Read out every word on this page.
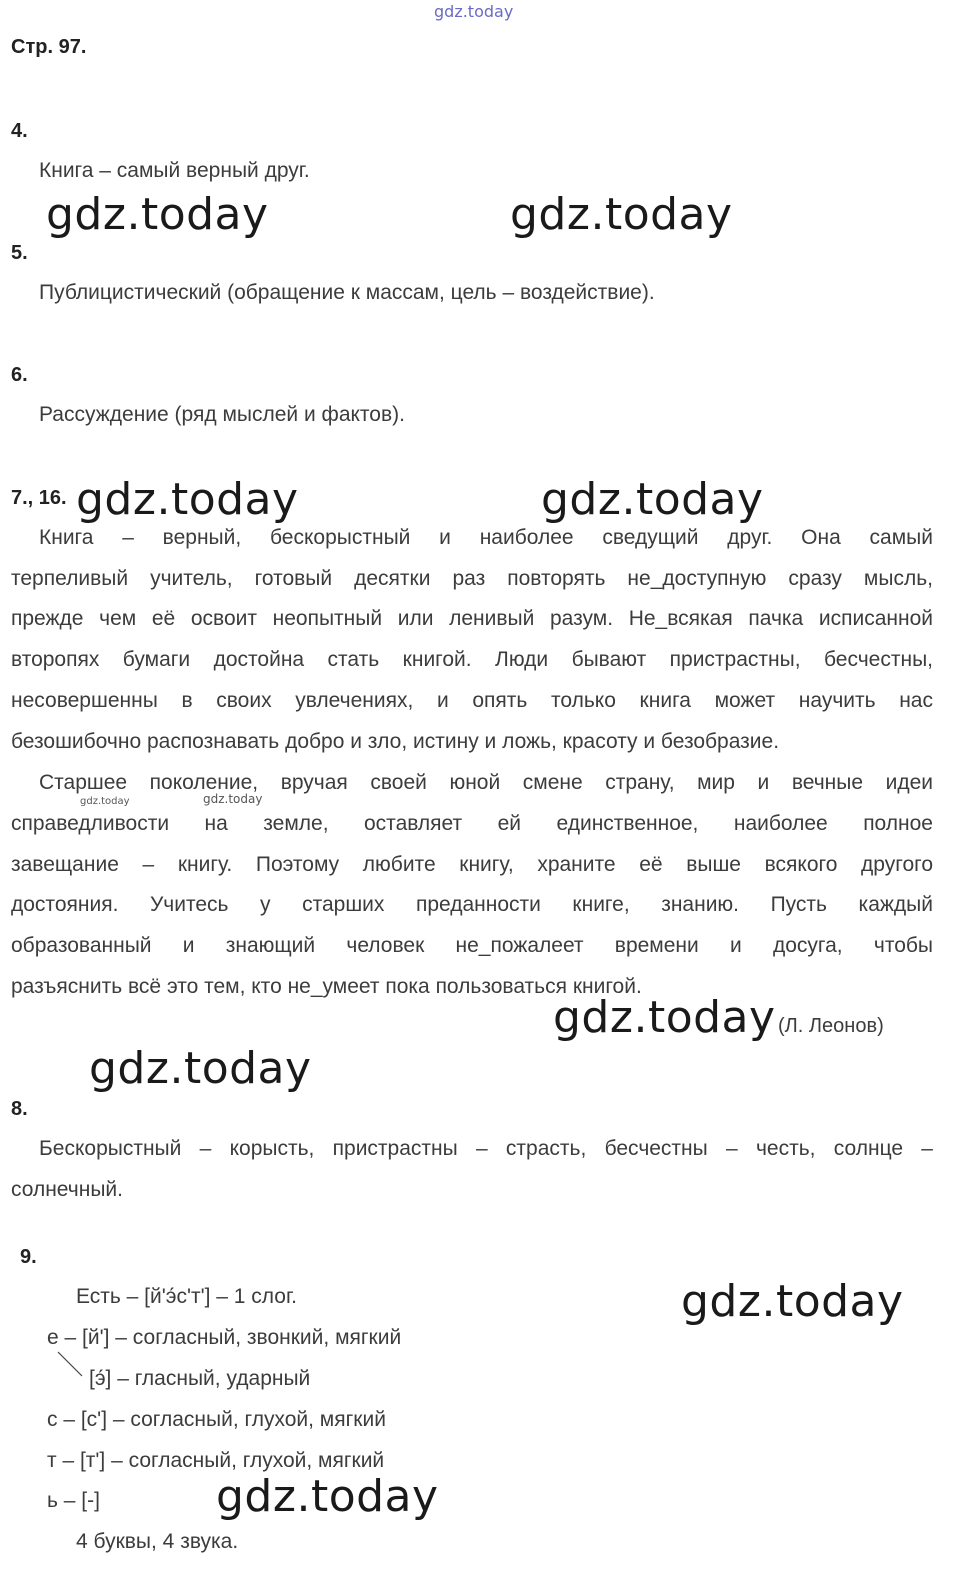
gdz.today
Стр. 97.
4.
Книга – самый верный друг.
gdz.today	gdz.today
5.
Публицистический (обращение к массам, цель – воздействие).
6.
Рассуждение (ряд мыслей и фактов).
7., 16. gdz.today	gdz.today
Книга – верный, бескорыстный и наиболее сведущий друг. Она самый
терпеливый учитель, готовый десятки раз повторять не_доступную сразу мысль,
прежде чем её освоит неопытный или ленивый разум. Не_всякая пачка исписанной
второпях бумаги достойна стать книгой. Люди бывают пристрастны, бесчестны,
несовершенны в своих увлечениях, и опять только книга может научить нас
безошибочно распознавать добро и зло, истину и ложь, красоту и безобразие.
Старшее поколение, вручая своей юной смене страну, мир и вечные идеи
gdz.today	gdz.today
справедливости на земле, оставляет ей единственное, наиболее полное
завещание – книгу. Поэтому любите книгу, храните её выше всякого другого
достояния. Учитесь у старших преданности книге, знанию. Пусть каждый
образованный и знающий человек не_пожалеет времени и досуга, чтобы
разъяснить всё это тем, кто не_умеет пока пользоваться книгой.
gdz.today (Л. Леонов)
gdz.today
8.
Бескорыстный – корысть, пристрастны – страсть, бесчестны – честь, солнце –
солнечный.
9.
Есть – [й'э́с'т'] – 1 слог.	gdz.today
е – [й'] – согласный, звонкий, мягкий
[э́] – гласный, ударный
с – [с'] – согласный, глухой, мягкий
т – [т'] – согласный, глухой, мягкий
ь – [-]	gdz.today
4 буквы, 4 звука.
